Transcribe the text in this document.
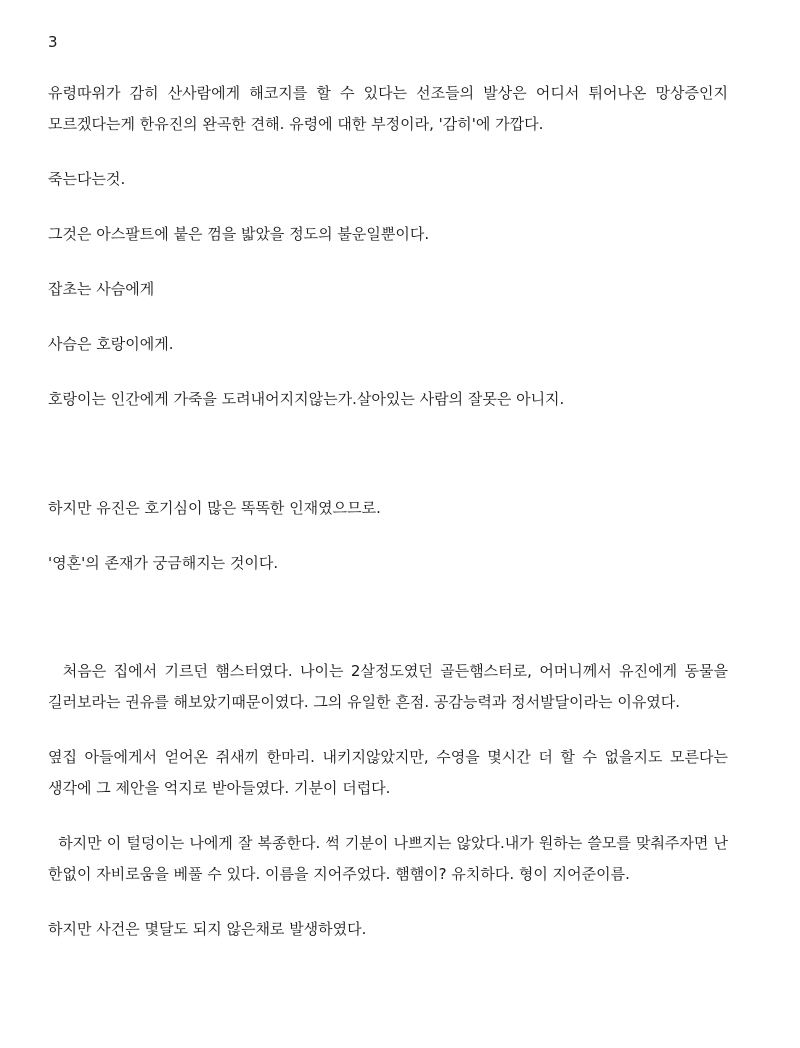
3

유령따위가 감히 산사람에게 해코지를 할 수 있다는 선조들의 발상은 어디서 튀어나온 망상증인지 모르겠다는게 한유진의 완곡한 견해. 유령에 대한 부정이라, '감히'에 가깝다.

죽는다는것.

그것은 아스팔트에 붙은 껌을 밟았을 정도의 불운일뿐이다.

잡초는 사슴에게

사슴은 호랑이에게.

호랑이는 인간에게 가죽을 도려내어지지않는가.살아있는 사람의 잘못은 아니지.

하지만 유진은 호기심이 많은 똑똑한 인재였으므로.

'영혼'의 존재가 궁금해지는 것이다.

처음은 집에서 기르던 햄스터였다. 나이는 2살정도였던 골든햄스터로, 어머니께서 유진에게 동물을 길러보라는 권유를 해보았기때문이였다. 그의 유일한 흔점. 공감능력과 정서발달이라는 이유였다.

옆집 아들에게서 얻어온 쥐새끼 한마리. 내키지않았지만, 수영을 몇시간 더 할 수 없을지도 모른다는 생각에 그 제안을 억지로 받아들였다. 기분이 더럽다.

하지만 이 털덩이는 나에게 잘 복종한다. 썩 기분이 나쁘지는 않았다.내가 원하는 쓸모를 맞춰주자면 난 한없이 자비로움을 베풀 수 있다. 이름을 지어주었다. 햄햄이? 유치하다. 형이 지어준이름.

하지만 사건은 몇달도 되지 않은채로 발생하였다.
